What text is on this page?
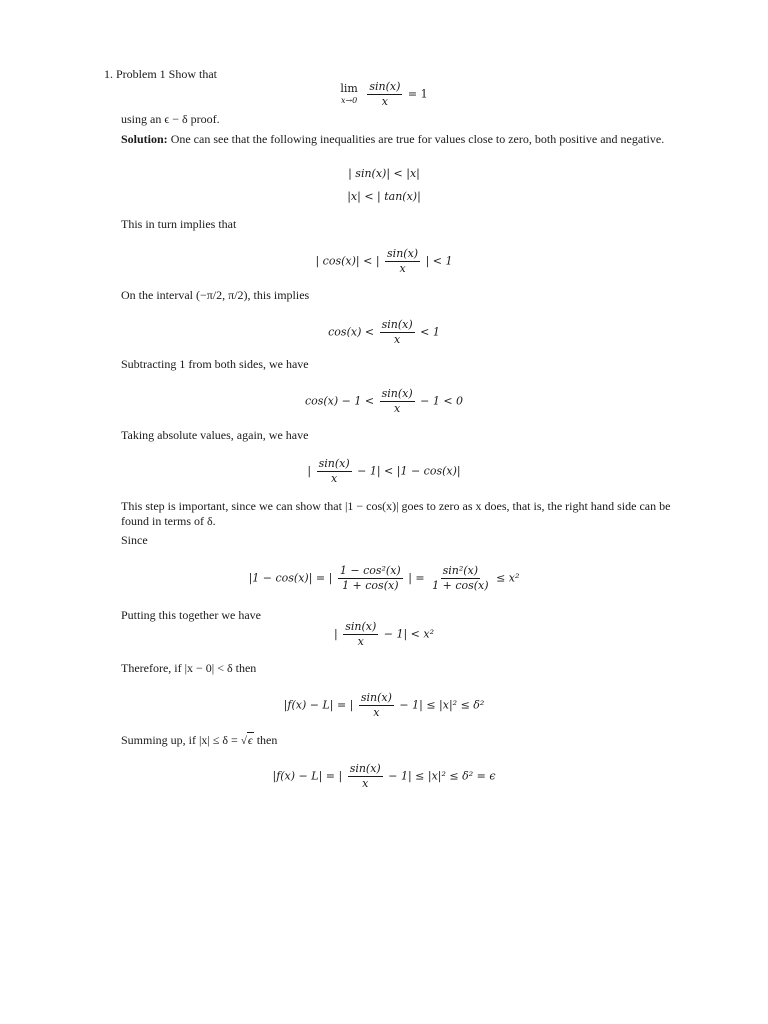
1. Problem 1 Show that
lim
x→0
$\frac{\sin(x)}{x} = 1$
using an ϵ − δ proof.
Solution: One can see that the following inequalities are true for values close to zero, both positive and negative.
| sin(x)| < |x|
|x| < | tan(x)|
This in turn implies that
| cos(x)| < | $\frac{\sin(x)}{x}$ | < 1
On the interval (−π/2, π/2), this implies
$\cos(x) < \frac{\sin(x)}{x} < 1$
Subtracting 1 from both sides, we have
$\cos(x) - 1 < \frac{\sin(x)}{x} - 1 < 0$
Taking absolute values, again, we have
| $\frac{\sin(x)}{x} - 1| < |1 - \cos(x)|$
This step is important, since we can show that |1 − cos(x)| goes to zero as x does, that is, the right hand side can be found in terms of δ.
Since
|1 − cos(x)| = | $\frac{\text{1 − cos²(x)}}{1 + \cos(x)}$ | = $\frac{\text{sin²(x)}}{1 + \cos(x)} \le x^2$
Putting this together we have
| $\frac{\sin(x)}{x} - 1| < x^2$
Therefore, if |x − 0| < δ then
|f(x) − L| = | $\frac{\sin(x)}{x} - 1| \le |x|^2 \le \delta^2$
Summing up, if |x| ≤ δ = √ϵ then
|f(x) − L| = | $\frac{\sin(x)}{x} - 1| \le |x|^2 \le \delta^2 = \epsilon$
